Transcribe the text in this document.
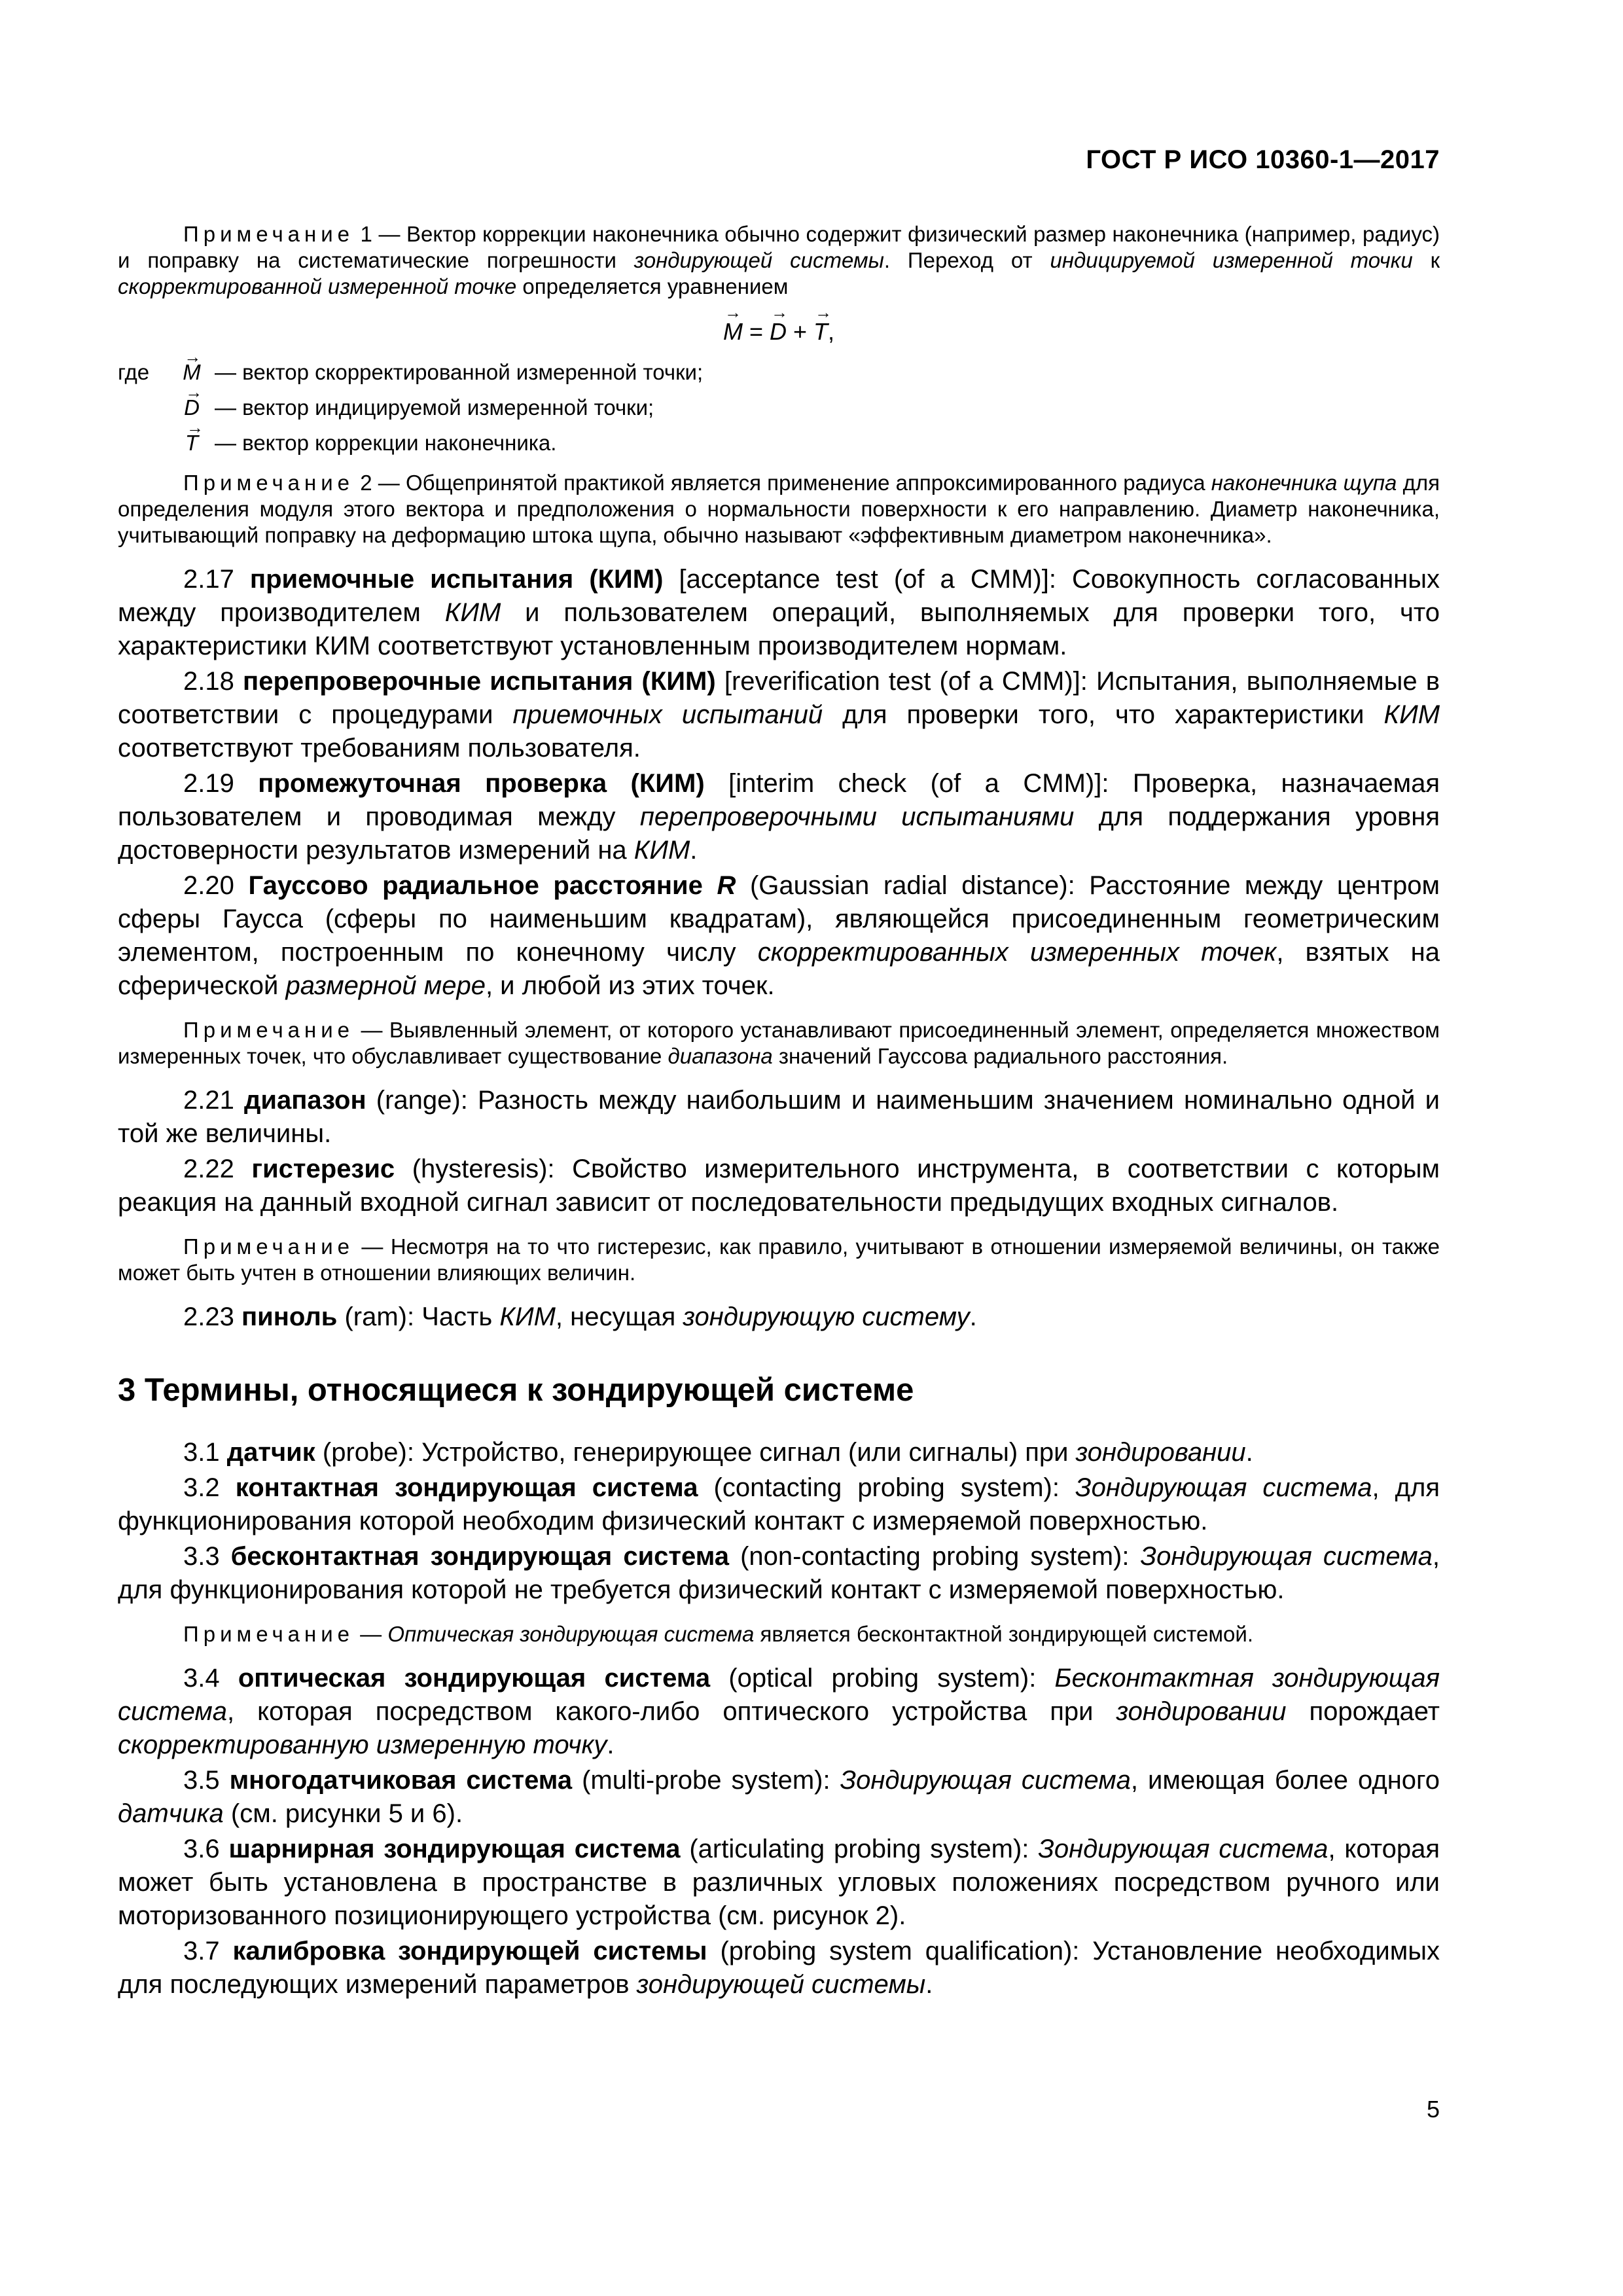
ГОСТ Р ИСО 10360-1—2017

Примечание 1 — Вектор коррекции наконечника обычно содержит физический размер наконечника (например, радиус) и поправку на систематические погрешности зондирующей системы. Переход от индицируемой измеренной точки к скорректированной измеренной точке определяется уравнением

→ M = → D + → T,
где
→	M — вектор скорректированной измеренной точки;
→ D — вектор индицируемой измеренной точки;
→ T — вектор коррекции наконечника.

Примечание 2 — Общепринятой практикой является применение аппроксимированного радиуса наконечника щупа для определения модуля этого вектора и предположения о нормальности поверхности к его направлению. Диаметр наконечника, учитывающий поправку на деформацию штока щупа, обычно называют «эффективным диаметром наконечника».

2.17 приемочные испытания (КИМ) [acceptance test (of a CMM)]: Совокупность согласованных между производителем КИМ и пользователем операций, выполняемых для проверки того, что характеристики КИМ соответствуют установленным производителем нормам.

2.18 перепроверочные испытания (КИМ) [reverification test (of a CMM)]: Испытания, выполняемые в соответствии с процедурами приемочных испытаний для проверки того, что характеристики КИМ соответствуют требованиям пользователя.

2.19 промежуточная проверка (КИМ) [interim check (of a CMM)]: Проверка, назначаемая пользователем и проводимая между перепроверочными испытаниями для поддержания уровня достоверности результатов измерений на КИМ.

2.20 Гауссово радиальное расстояние R (Gaussian radial distance): Расстояние между центром сферы Гаусса (сферы по наименьшим квадратам), являющейся присоединенным геометрическим элементом, построенным по конечному числу скорректированных измеренных точек, взятых на сферической размерной мере, и любой из этих точек.

Примечание — Выявленный элемент, от которого устанавливают присоединенный элемент, определяется множеством измеренных точек, что обуславливает существование диапазона значений Гауссова радиального расстояния.

2.21 диапазон (range): Разность между наибольшим и наименьшим значением номинально одной и той же величины.

2.22 гистерезис (hysteresis): Свойство измерительного инструмента, в соответствии с которым реакция на данный входной сигнал зависит от последовательности предыдущих входных сигналов.

Примечание — Несмотря на то что гистерезис, как правило, учитывают в отношении измеряемой величины, он также может быть учтен в отношении влияющих величин.

2.23 пиноль (ram): Часть КИМ, несущая зондирующую систему.

3 Термины, относящиеся к зондирующей системе

3.1 датчик (probe): Устройство, генерирующее сигнал (или сигналы) при зондировании.

3.2 контактная зондирующая система (contacting probing system): Зондирующая система, для функционирования которой необходим физический контакт с измеряемой поверхностью.

3.3 бесконтактная зондирующая система (non-contacting probing system): Зондирующая система, для функционирования которой не требуется физический контакт с измеряемой поверхностью.

Примечание — Оптическая зондирующая система является бесконтактной зондирующей системой.

3.4 оптическая зондирующая система (optical probing system): Бесконтактная зондирующая система, которая посредством какого-либо оптического устройства при зондировании порождает скорректированную измеренную точку.

3.5 многодатчиковая система (multi-probe system): Зондирующая система, имеющая более одного датчика (см. рисунки 5 и 6).

3.6 шарнирная зондирующая система (articulating probing system): Зондирующая система, которая может быть установлена в пространстве в различных угловых положениях посредством ручного или моторизованного позиционирующего устройства (см. рисунок 2).

3.7 калибровка зондирующей системы (probing system qualification): Установление необходимых для последующих измерений параметров зондирующей системы.

5
